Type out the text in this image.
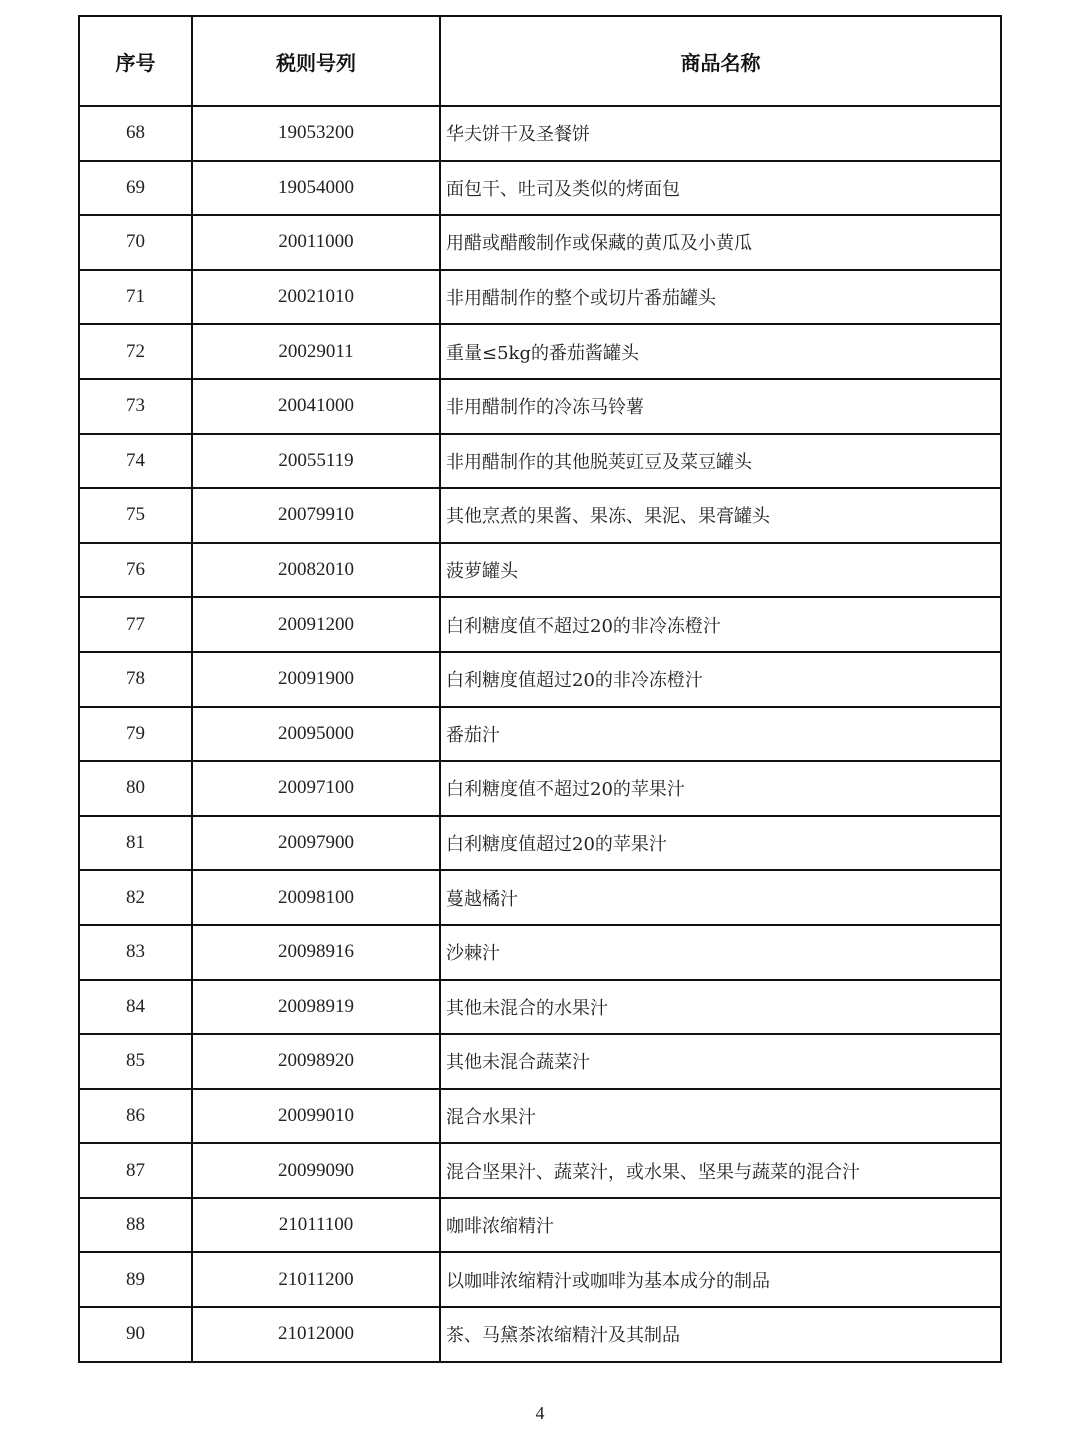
序号	税则号列	商品名称
68	19053200	华夫饼干及圣餐饼
69	19054000	面包干、吐司及类似的烤面包
70	20011000	用醋或醋酸制作或保藏的黄瓜及小黄瓜
71	20021010	非用醋制作的整个或切片番茄罐头
72	20029011	重量≤5kg的番茄酱罐头
73	20041000	非用醋制作的冷冻马铃薯
74	20055119	非用醋制作的其他脱荚豇豆及菜豆罐头
75	20079910	其他烹煮的果酱、果冻、果泥、果膏罐头
76	20082010	菠萝罐头
77	20091200	白利糖度值不超过20的非冷冻橙汁
78	20091900	白利糖度值超过20的非冷冻橙汁
79	20095000	番茄汁
80	20097100	白利糖度值不超过20的苹果汁
81	20097900	白利糖度值超过20的苹果汁
82	20098100	蔓越橘汁
83	20098916	沙棘汁
84	20098919	其他未混合的水果汁
85	20098920	其他未混合蔬菜汁
86	20099010	混合水果汁
87	20099090	混合坚果汁、蔬菜汁，或水果、坚果与蔬菜的混合汁
88	21011100	咖啡浓缩精汁
89	21011200	以咖啡浓缩精汁或咖啡为基本成分的制品
90	21012000	茶、马黛茶浓缩精汁及其制品
4
